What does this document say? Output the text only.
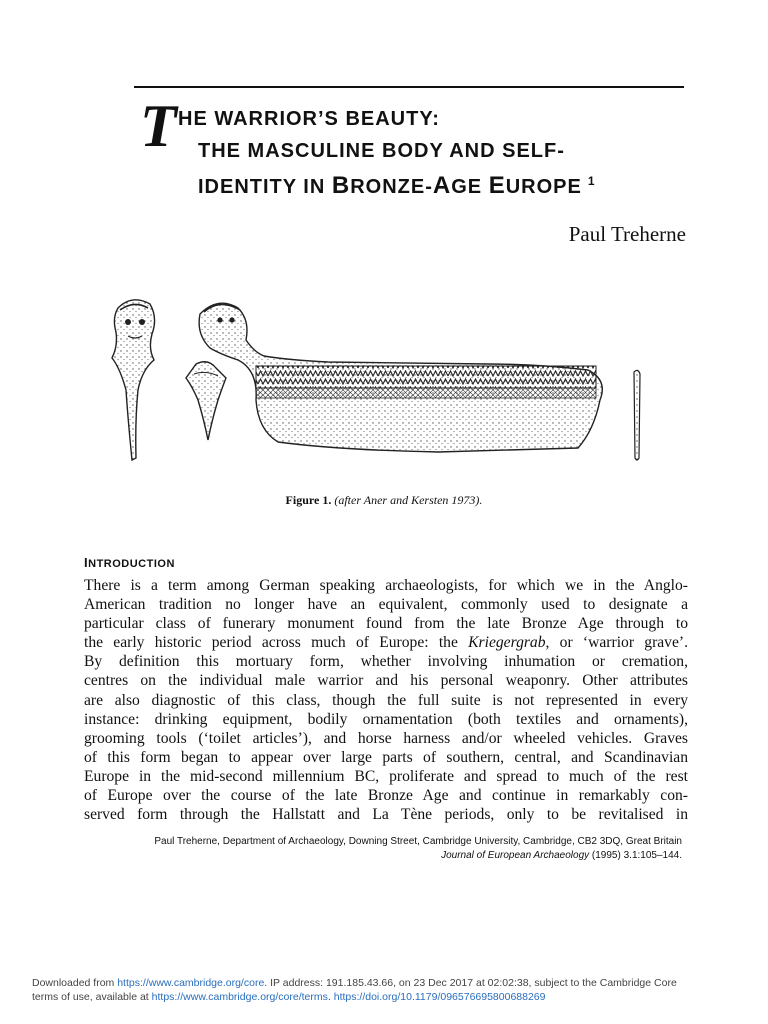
T HE WARRIOR’S BEAUTY:
THE MASCULINE BODY AND SELF-
IDENTITY IN BRONZE-AGE EUROPE $^1$
Paul Treherne
Figure 1. (after Aner and Kersten 1973).
INTRODUCTION
There is a term among German speaking archaeologists, for which we in the Anglo-
American tradition no longer have an equivalent, commonly used to designate a
particular class of funerary monument found from the late Bronze Age through to
the early historic period across much of Europe: the Kriegergrab, or ‘warrior grave’.
By definition this mortuary form, whether involving inhumation or cremation,
centres on the individual male warrior and his personal weaponry. Other attributes
are also diagnostic of this class, though the full suite is not represented in every
instance: drinking equipment, bodily ornamentation (both textiles and ornaments),
grooming tools (‘toilet articles’), and horse harness and/or wheeled vehicles. Graves
of this form began to appear over large parts of southern, central, and Scandinavian
Europe in the mid-second millennium BC, proliferate and spread to much of the rest
of Europe over the course of the late Bronze Age and continue in remarkably con-
served form through the Hallstatt and La Tène periods, only to be revitalised in
Paul Treherne, Department of Archaeology, Downing Street, Cambridge University, Cambridge, CB2 3DQ, Great Britain
Journal of European Archaeology (1995) 3.1:105–144.
Downloaded from https://www.cambridge.org/core. IP address: 191.185.43.66, on 23 Dec 2017 at 02:02:38, subject to the Cambridge Core
terms of use, available at https://www.cambridge.org/core/terms. https://doi.org/10.1179/096576695800688269
